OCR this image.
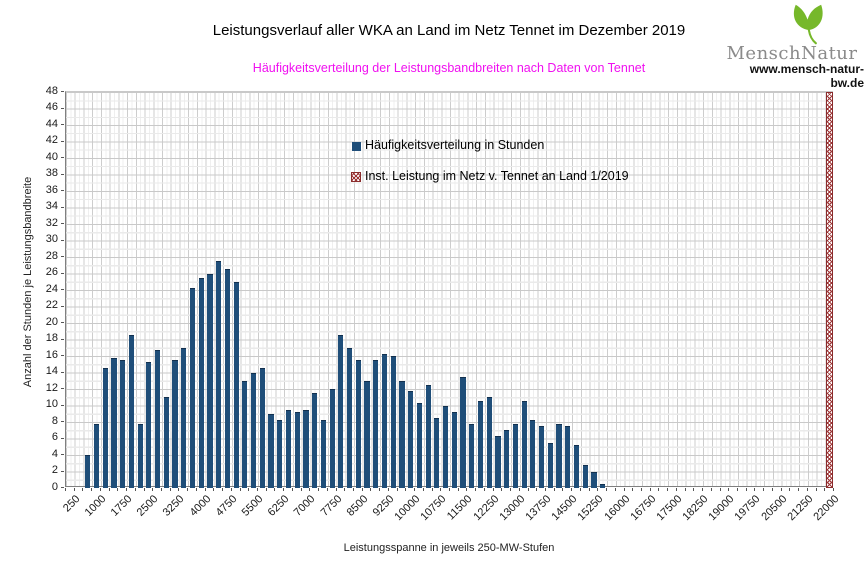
Leistungsverlauf aller WKA an Land im Netz Tennet im Dezember 2019
Häufigkeitsverteilung der Leistungsbandbreiten nach Daten von Tennet
MenschNatur
www.mensch-natur-bw.de
Anzahl der Stunden je Leistungsbandbreite
Leistungsspanne in jeweils 250-MW-Stufen
Häufigkeitsverteilung in Stunden
Inst. Leistung im Netz v. Tennet an Land 1/2019
0
2
4
6
8
10
12
14
16
18
20
22
24
26
28
30
32
34
36
38
40
42
44
46
48
250 1000 1750 2500 3250 4000 4750 5500 6250 7000 7750 8500 9250
10000
10750
11500
12250
13000
13750
14500
15250
16000
16750
17500
18250
19000
19750
20500
21250
22000
